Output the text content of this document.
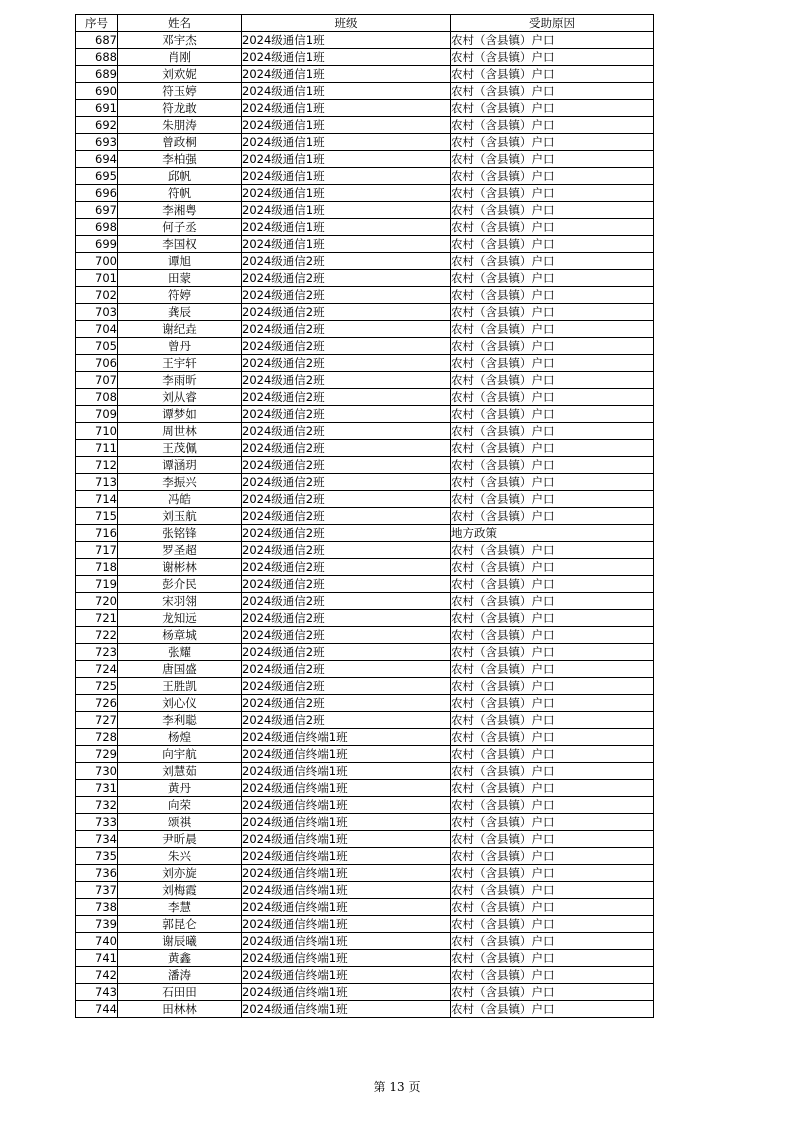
序号	姓名	班级	受助原因
687	邓宇杰	2024级通信1班	农村（含县镇）户口
688	肖刚	2024级通信1班	农村（含县镇）户口
689	刘欢妮	2024级通信1班	农村（含县镇）户口
690	符玉婷	2024级通信1班	农村（含县镇）户口
691	符龙敢	2024级通信1班	农村（含县镇）户口
692	朱朋涛	2024级通信1班	农村（含县镇）户口
693	曾政桐	2024级通信1班	农村（含县镇）户口
694	李柏强	2024级通信1班	农村（含县镇）户口
695	邱帆	2024级通信1班	农村（含县镇）户口
696	符帆	2024级通信1班	农村（含县镇）户口
697	李湘粤	2024级通信1班	农村（含县镇）户口
698	何子丞	2024级通信1班	农村（含县镇）户口
699	李国权	2024级通信1班	农村（含县镇）户口
700	谭旭	2024级通信2班	农村（含县镇）户口
701	田蒙	2024级通信2班	农村（含县镇）户口
702	符婷	2024级通信2班	农村（含县镇）户口
703	龚辰	2024级通信2班	农村（含县镇）户口
704	谢纪垚	2024级通信2班	农村（含县镇）户口
705	曾丹	2024级通信2班	农村（含县镇）户口
706	王宇轩	2024级通信2班	农村（含县镇）户口
707	李雨昕	2024级通信2班	农村（含县镇）户口
708	刘从睿	2024级通信2班	农村（含县镇）户口
709	谭梦如	2024级通信2班	农村（含县镇）户口
710	周世林	2024级通信2班	农村（含县镇）户口
711	王茂佩	2024级通信2班	农村（含县镇）户口
712	谭涵玥	2024级通信2班	农村（含县镇）户口
713	李振兴	2024级通信2班	农村（含县镇）户口
714	冯皓	2024级通信2班	农村（含县镇）户口
715	刘玉航	2024级通信2班	农村（含县镇）户口
716	张铭锋	2024级通信2班	地方政策
717	罗圣超	2024级通信2班	农村（含县镇）户口
718	谢彬林	2024级通信2班	农村（含县镇）户口
719	彭介民	2024级通信2班	农村（含县镇）户口
720	宋羽翎	2024级通信2班	农村（含县镇）户口
721	龙知远	2024级通信2班	农村（含县镇）户口
722	杨章城	2024级通信2班	农村（含县镇）户口
723	张耀	2024级通信2班	农村（含县镇）户口
724	唐国盛	2024级通信2班	农村（含县镇）户口
725	王胜凯	2024级通信2班	农村（含县镇）户口
726	刘心仪	2024级通信2班	农村（含县镇）户口
727	李利聪	2024级通信2班	农村（含县镇）户口
728	杨煌	2024级通信终端1班	农村（含县镇）户口
729	向宇航	2024级通信终端1班	农村（含县镇）户口
730	刘慧茹	2024级通信终端1班	农村（含县镇）户口
731	黄丹	2024级通信终端1班	农村（含县镇）户口
732	向荣	2024级通信终端1班	农村（含县镇）户口
733	颂祺	2024级通信终端1班	农村（含县镇）户口
734	尹昕晨	2024级通信终端1班	农村（含县镇）户口
735	朱兴	2024级通信终端1班	农村（含县镇）户口
736	刘亦旋	2024级通信终端1班	农村（含县镇）户口
737	刘梅霞	2024级通信终端1班	农村（含县镇）户口
738	李慧	2024级通信终端1班	农村（含县镇）户口
739	郭昆仑	2024级通信终端1班	农村（含县镇）户口
740	谢辰曦	2024级通信终端1班	农村（含县镇）户口
741	黄鑫	2024级通信终端1班	农村（含县镇）户口
742	潘涛	2024级通信终端1班	农村（含县镇）户口
743	石田田	2024级通信终端1班	农村（含县镇）户口
744	田林林	2024级通信终端1班	农村（含县镇）户口
第 13 页
